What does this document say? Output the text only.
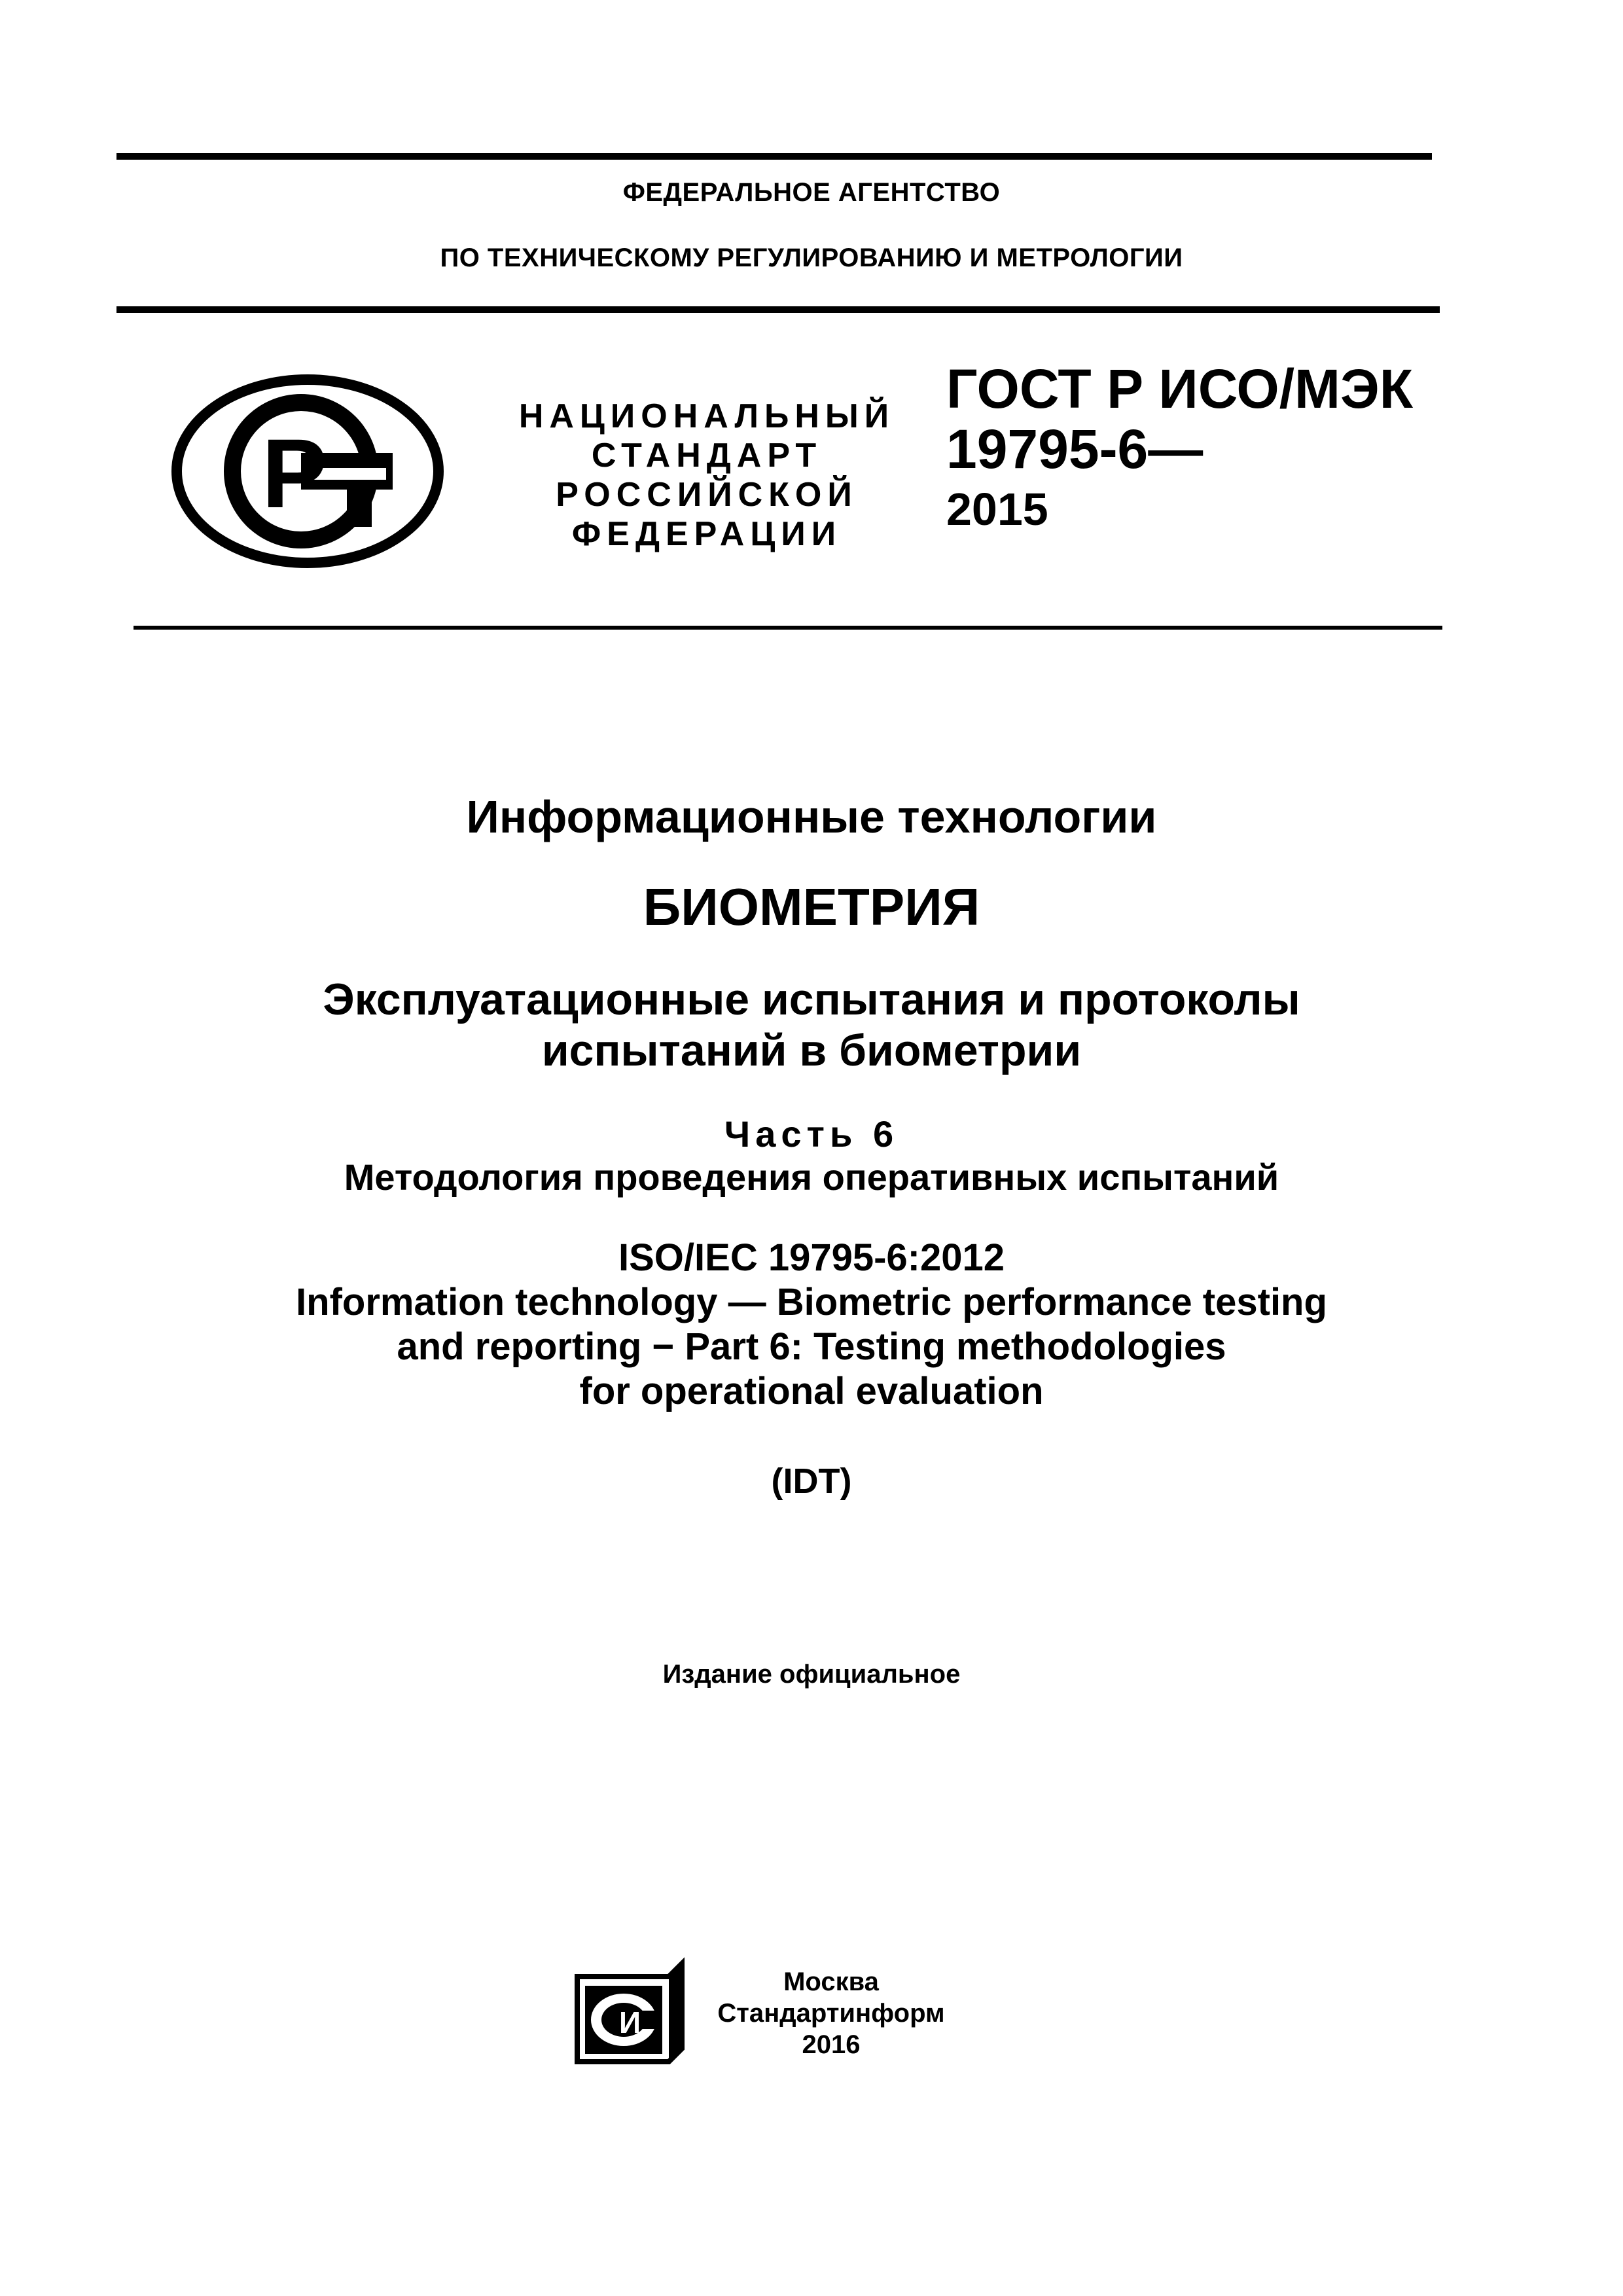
ФЕДЕРАЛЬНОЕ АГЕНТСТВО
ПО ТЕХНИЧЕСКОМУ РЕГУЛИРОВАНИЮ И МЕТРОЛОГИИ
Р
НАЦИОНАЛЬНЫЙ
СТАНДАРТ
РОССИЙСКОЙ
ФЕДЕРАЦИИ
ГОСТ Р ИСО/МЭК
19795-6—
2015
Информационные технологии
БИОМЕТРИЯ
Эксплуатационные испытания и протоколы
испытаний в биометрии
Часть 6
Методология проведения оперативных испытаний
ISO/IEC 19795-6:2012
Information technology — Biometric performance testing
and reporting − Part 6: Testing methodologies
for operational evaluation
(IDT)
Издание официальное
И
Москва
Стандартинформ
2016
